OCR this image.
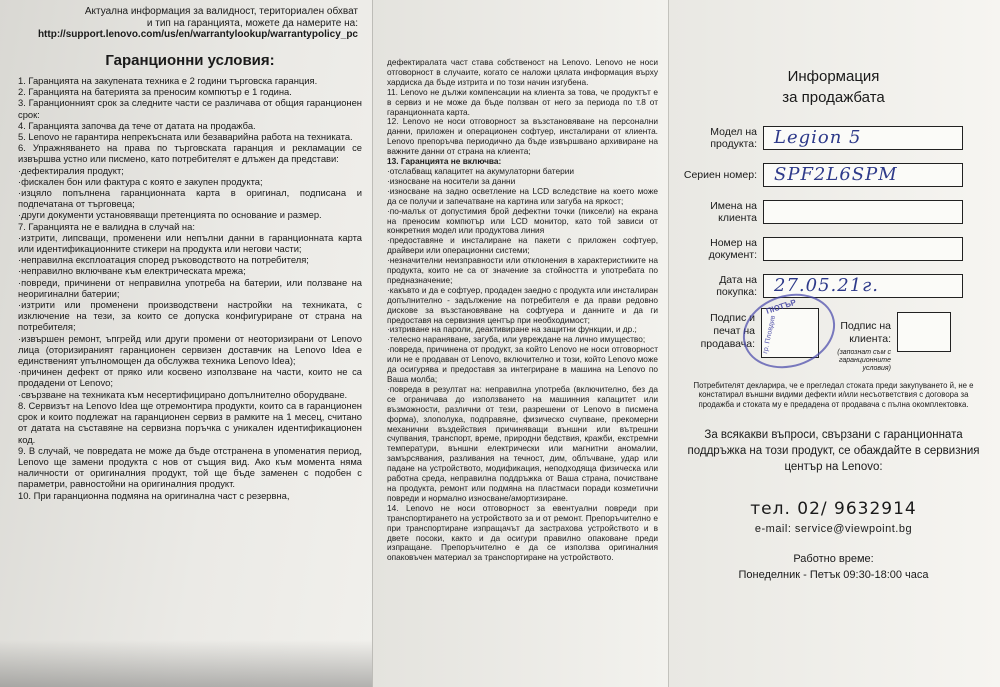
Актуална информация за валидност, териториален обхват
и тип на гаранцията, можете да намерите на:
http://support.lenovo.com/us/en/warrantylookup/warrantypolicy_pc
Гаранционни условия:

1. Гаранцията на закупената техника е 2 години търговска гаранция.

2. Гаранцията на батерията за преносим компютър е 1 година.

3. Гаранционният срок за следните части се различава от общия гаранционен срок:

4. Гаранцията започва да тече от датата на продажба.

5. Lenovo не гарантира непрекъсната или безаварийна работа на техниката.

6. Упражняването на права по търговската гаранция и рекламации се извършва устно или писмено, като потребителят е длъжен да представи:

·дефектиралия продукт;

·фискален бон или фактура с която е закупен продукта;

·изцяло попълнена гаранционната карта в оригинал, подписана и подпечатана от търговеца;

·други документи установяващи претенцията по основание и размер.

7. Гаранцията не е валидна в случай на:

·изтрити, липсващи, променени или непълни данни в гаранционната карта или идентификационните стикери на продукта или негови части;

·неправилна експлоатация според ръководството на потребителя;

·неправилно включване към електрическата мрежа;

·повреди, причинени от неправилна употреба на батерии, или ползване на неоригинални батерии;

·изтрити или променени производствени настройки на техниката, с изключение на тези, за които се допуска конфигуриране от страна на потребителя;

·извършен ремонт, ъпгрейд или други промени от неоторизирани от Lenovo лица (оторизираният гаранционен сервизен доставчик на Lenovo Idea е единственият упълномощен да обслужва техника Lenovo Idea);

·причинен дефект от пряко или косвено използване на части, които не са продадени от Lenovo;

·свързване на техниката към несертифицирано допълнително оборудване.

8. Сервизът на Lenovo Idea ще отремонтира продукти, които са в гаранционен срок и които подлежат на гаранционен сервиз в рамките на 1 месец, считано от датата на съставяне на сервизна поръчка с уникален идентификационен код.

9. В случай, че повредата не може да бъде отстранена в упоменатия период, Lenovo ще замени продукта с нов от същия вид. Ако към момента няма наличности от оригиналния продукт, той ще бъде заменен с подобен с параметри, равностойни на оригиналния продукт.

10. При гаранционна подмяна на оригинална част с резервна,

дефектиралата част става собственост на Lenovo. Lenovo не носи отговорност в случаите, когато се наложи цялата информация върху хардиска да бъде изтрита и по този начин изгубена.

11. Lenovo не дължи компенсации на клиента за това, че продуктът е в сервиз и не може да бъде ползван от него за периода по т.8 от гаранционната карта.

12. Lenovo не носи отговорност за възстановяване на персонални данни, приложен и операционен софтуер, инсталирани от клиента. Lenovo препоръчва периодично да бъде извършвано архивиране на важните данни от страна на клиента;

13. Гаранцията не включва:

·отслабващ капацитет на акумулаторни батерии

·износване на носители за данни

·износване на задно осветление на LCD вследствие на което може да се получи и запечатване на картина или загуба на яркост;

·по-малък от допустимия брой дефектни точки (пиксели) на екрана на преносим компютър или LCD монитор, като той зависи от конкретния модел или продуктова линия

·предоставяне и инсталиране на пакети с приложен софтуер, драйвери или операционни системи;

·незначителни неизправности или отклонения в характеристиките на продукта, които не са от значение за стойността и употребата по предназначение;

·какъвто и да е софтуер, продаден заедно с продукта или инсталиран допълнително - задължение на потребителя е да прави редовно дискове за възстановяване на софтуера и данните и да ги предоставя на сервизния център при необходимост;

·изтриване на пароли, деактивиране на защитни функции, и др.;

·телесно нараняване, загуба, или увреждане на лично имущество;

·повреда, причинена от продукт, за който Lenovo не носи отговорност или не е продаван от Lenovo, включително и този, който Lenovo може да осигурява и предоставя за интегриране в машина на Lenovo по Ваша молба;

·повреда в резултат на: неправилна употреба (включително, без да се ограничава до използването на машинния капацитет или възможности, различни от тези, разрешени от Lenovo в писмена форма), злополука, подправяне, физическо счупване, прекомерни механични въздействия причиняващи външни или вътрешни счупвания, транспорт, време, природни бедствия, кражби, екстремни температури, външни електрически или магнитни аномалии, замърсявания, разливания на течност, дим, облъчване, удар или падане на устройството, модификация, неподходяща физическа или работна среда, неправилна поддръжка от Ваша страна, почистване на продукта, ремонт или подмяна на пластмаси поради козметични повреди и нормално износване/амортизиране.

14. Lenovo не носи отговорност за евентуални повреди при транспортирането на устройството за и от ремонт. Препоръчително е при транспортиране изпращачът да застрахова устройството и в двете посоки, както и да осигури правилно опаковане преди изпращане. Препоръчително е да се използва оригиналния опаковъчен материал за транспортиране на устройството.

Информация
за продажбата
Модел на продукта: Legion 5
Сериен номер: SPF2L6SPM
Имена на клиента
Номер на документ:
Дата на покупка: 27.05.21г.
Подпис и печат на продавача:
ПЮТЪР
гр. Пловдив	Подпис на клиента:
(запознат съм с гаранционните условия)
Потребителят декларира, че е прегледал стоката преди закупуването й, не е констатирал външни видими дефекти и/или несъответствия с договора за продажба и стоката му е предадена от продавача с пълна окомплектовка.
За всякакви въпроси, свързани с гаранционната поддръжка на този продукт, се обаждайте в сервизния център на Lenovo:
тел. 02/ 9632914
e-mail: service@viewpoint.bg
Работно време:
Понеделник - Петък 09:30-18:00 часа
